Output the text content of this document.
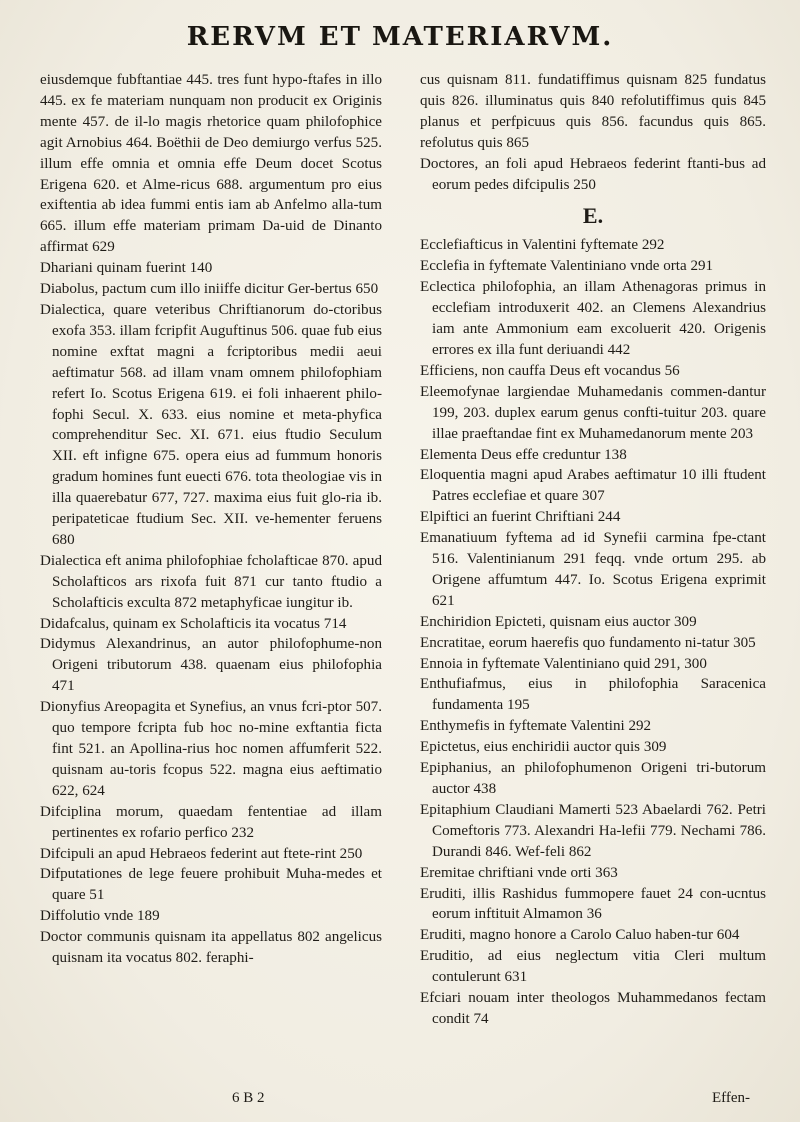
RERVM ET MATERIARVM.

eiusdemque fubftantiae 445. tres funt hypo-ftafes in illo 445. ex fe materiam nunquam non producit ex Originis mente 457. de il-lo magis rhetorice quam philofophice agit Arnobius 464. Boëthii de Deo demiurgo verfus 525. illum effe omnia et omnia effe Deum docet Scotus Erigena 620. et Alme-ricus 688. argumentum pro eius exiftentia ab idea fummi entis iam ab Anfelmo alla-tum 665. illum effe materiam primam Da-uid de Dinanto affirmat 629

Dhariani quinam fuerint 140

Diabolus, pactum cum illo iniiffe dicitur Ger-bertus 650

Dialectica, quare veteribus Chriftianorum do-ctoribus exofa 353. illam fcripfit Auguftinus 506. quae fub eius nomine exftat magni a fcriptoribus medii aeui aeftimatur 568. ad illam vnam omnem philofophiam refert Io. Scotus Erigena 619. ei foli inhaerent philo-fophi Secul. X. 633. eius nomine et meta-phyfica comprehenditur Sec. XI. 671. eius ftudio Seculum XII. eft infigne 675. opera eius ad fummum honoris gradum homines funt euecti 676. tota theologiae vis in illa quaerebatur 677, 727. maxima eius fuit glo-ria ib. peripateticae ftudium Sec. XII. ve-hementer feruens 680

Dialectica eft anima philofophiae fcholafticae 870. apud Scholafticos ars rixofa fuit 871 cur tanto ftudio a Scholafticis exculta 872 metaphyficae iungitur ib.

Didafcalus, quinam ex Scholafticis ita vocatus 714

Didymus Alexandrinus, an autor philofophume-non Origeni tributorum 438. quaenam eius philofophia 471

Dionyfius Areopagita et Synefius, an vnus fcri-ptor 507. quo tempore fcripta fub hoc no-mine exftantia ficta fint 521. an Apollina-rius hoc nomen affumferit 522. quisnam au-toris fcopus 522. magna eius aeftimatio 622, 624

Difciplina morum, quaedam fententiae ad illam pertinentes ex rofario perfico 232

Difcipuli an apud Hebraeos federint aut ftete-rint 250

Difputationes de lege feuere prohibuit Muha-medes et quare 51

Diffolutio vnde 189

Doctor communis quisnam ita appellatus 802 angelicus quisnam ita vocatus 802. feraphi-

cus quisnam 811. fundatiffimus quisnam 825 fundatus quis 826. illuminatus quis 840 refolutiffimus quis 845 planus et perfpicuus quis 856. facundus quis 865. refolutus quis 865

Doctores, an foli apud Hebraeos federint ftanti-bus ad eorum pedes difcipulis 250

E.

Ecclefiafticus in Valentini fyftemate 292

Ecclefia in fyftemate Valentiniano vnde orta 291

Eclectica philofophia, an illam Athenagoras primus in ecclefiam introduxerit 402. an Clemens Alexandrius iam ante Ammonium eam excoluerit 420. Origenis errores ex illa funt deriuandi 442

Efficiens, non cauffa Deus eft vocandus 56

Eleemofynae largiendae Muhamedanis commen-dantur 199, 203. duplex earum genus confti-tuitur 203. quare illae praeftandae fint ex Muhamedanorum mente 203

Elementa Deus effe creduntur 138

Eloquentia magni apud Arabes aeftimatur 10 illi ftudent Patres ecclefiae et quare 307

Elpiftici an fuerint Chriftiani 244

Emanatiuum fyftema ad id Synefii carmina fpe-ctant 516. Valentinianum 291 feqq. vnde ortum 295. ab Origene affumtum 447. Io. Scotus Erigena exprimit 621

Enchiridion Epicteti, quisnam eius auctor 309

Encratitae, eorum haerefis quo fundamento ni-tatur 305

Ennoia in fyftemate Valentiniano quid 291, 300

Enthufiafmus, eius in philofophia Saracenica fundamenta 195

Enthymefis in fyftemate Valentini 292

Epictetus, eius enchiridii auctor quis 309

Epiphanius, an philofophumenon Origeni tri-butorum auctor 438

Epitaphium Claudiani Mamerti 523 Abaelardi 762. Petri Comeftoris 773. Alexandri Ha-lefii 779. Nechami 786. Durandi 846. Wef-feli 862

Eremitae chriftiani vnde orti 363

Eruditi, illis Rashidus fummopere fauet 24 con-ucntus eorum inftituit Almamon 36

Eruditi, magno honore a Carolo Caluo haben-tur 604

Eruditio, ad eius neglectum vitia Cleri multum contulerunt 631

Efciari nouam inter theologos Muhammedanos fectam condit 74

6 B 2	Effen-
